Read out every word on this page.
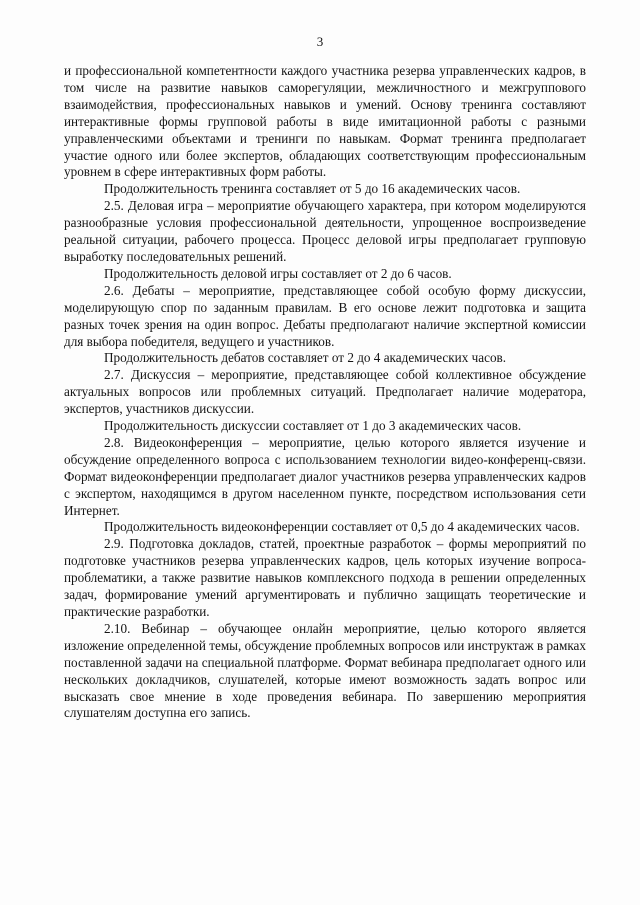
3

и профессиональной компетентности каждого участника резерва управленческих кадров, в том числе на развитие навыков саморегуляции, межличностного и межгруппового взаимодействия, профессиональных навыков и умений. Основу тренинга составляют интерактивные формы групповой работы в виде имитационной работы с разными управленческими объектами и тренинги по навыкам. Формат тренинга предполагает участие одного или более экспертов, обладающих соответствующим профессиональным уровнем в сфере интерактивных форм работы.

Продолжительность тренинга составляет от 5 до 16 академических часов.

2.5. Деловая игра – мероприятие обучающего характера, при котором моделируются разнообразные условия профессиональной деятельности, упрощенное воспроизведение реальной ситуации, рабочего процесса. Процесс деловой игры предполагает групповую выработку последовательных решений.

Продолжительность деловой игры составляет от 2 до 6 часов.

2.6. Дебаты – мероприятие, представляющее собой особую форму дискуссии, моделирующую спор по заданным правилам. В его основе лежит подготовка и защита разных точек зрения на один вопрос. Дебаты предполагают наличие экспертной комиссии для выбора победителя, ведущего и участников.

Продолжительность дебатов составляет от 2 до 4 академических часов.

2.7. Дискуссия – мероприятие, представляющее собой коллективное обсуждение актуальных вопросов или проблемных ситуаций. Предполагает наличие модератора, экспертов, участников дискуссии.

Продолжительность дискуссии составляет от 1 до 3 академических часов.

2.8. Видеоконференция – мероприятие, целью которого является изучение и обсуждение определенного вопроса с использованием технологии видео-конференц-связи. Формат видеоконференции предполагает диалог участников резерва управленческих кадров с экспертом, находящимся в другом населенном пункте, посредством использования сети Интернет.

Продолжительность видеоконференции составляет от 0,5 до 4 академических часов.

2.9. Подготовка докладов, статей, проектные разработок – формы мероприятий по подготовке участников резерва управленческих кадров, цель которых изучение вопроса-проблематики, а также развитие навыков комплексного подхода в решении определенных задач, формирование умений аргументировать и публично защищать теоретические и практические разработки.

2.10. Вебинар – обучающее онлайн мероприятие, целью которого является изложение определенной темы, обсуждение проблемных вопросов или инструктаж в рамках поставленной задачи на специальной платформе. Формат вебинара предполагает одного или нескольких докладчиков, слушателей, которые имеют возможность задать вопрос или высказать свое мнение в ходе проведения вебинара. По завершению мероприятия слушателям доступна его запись.
